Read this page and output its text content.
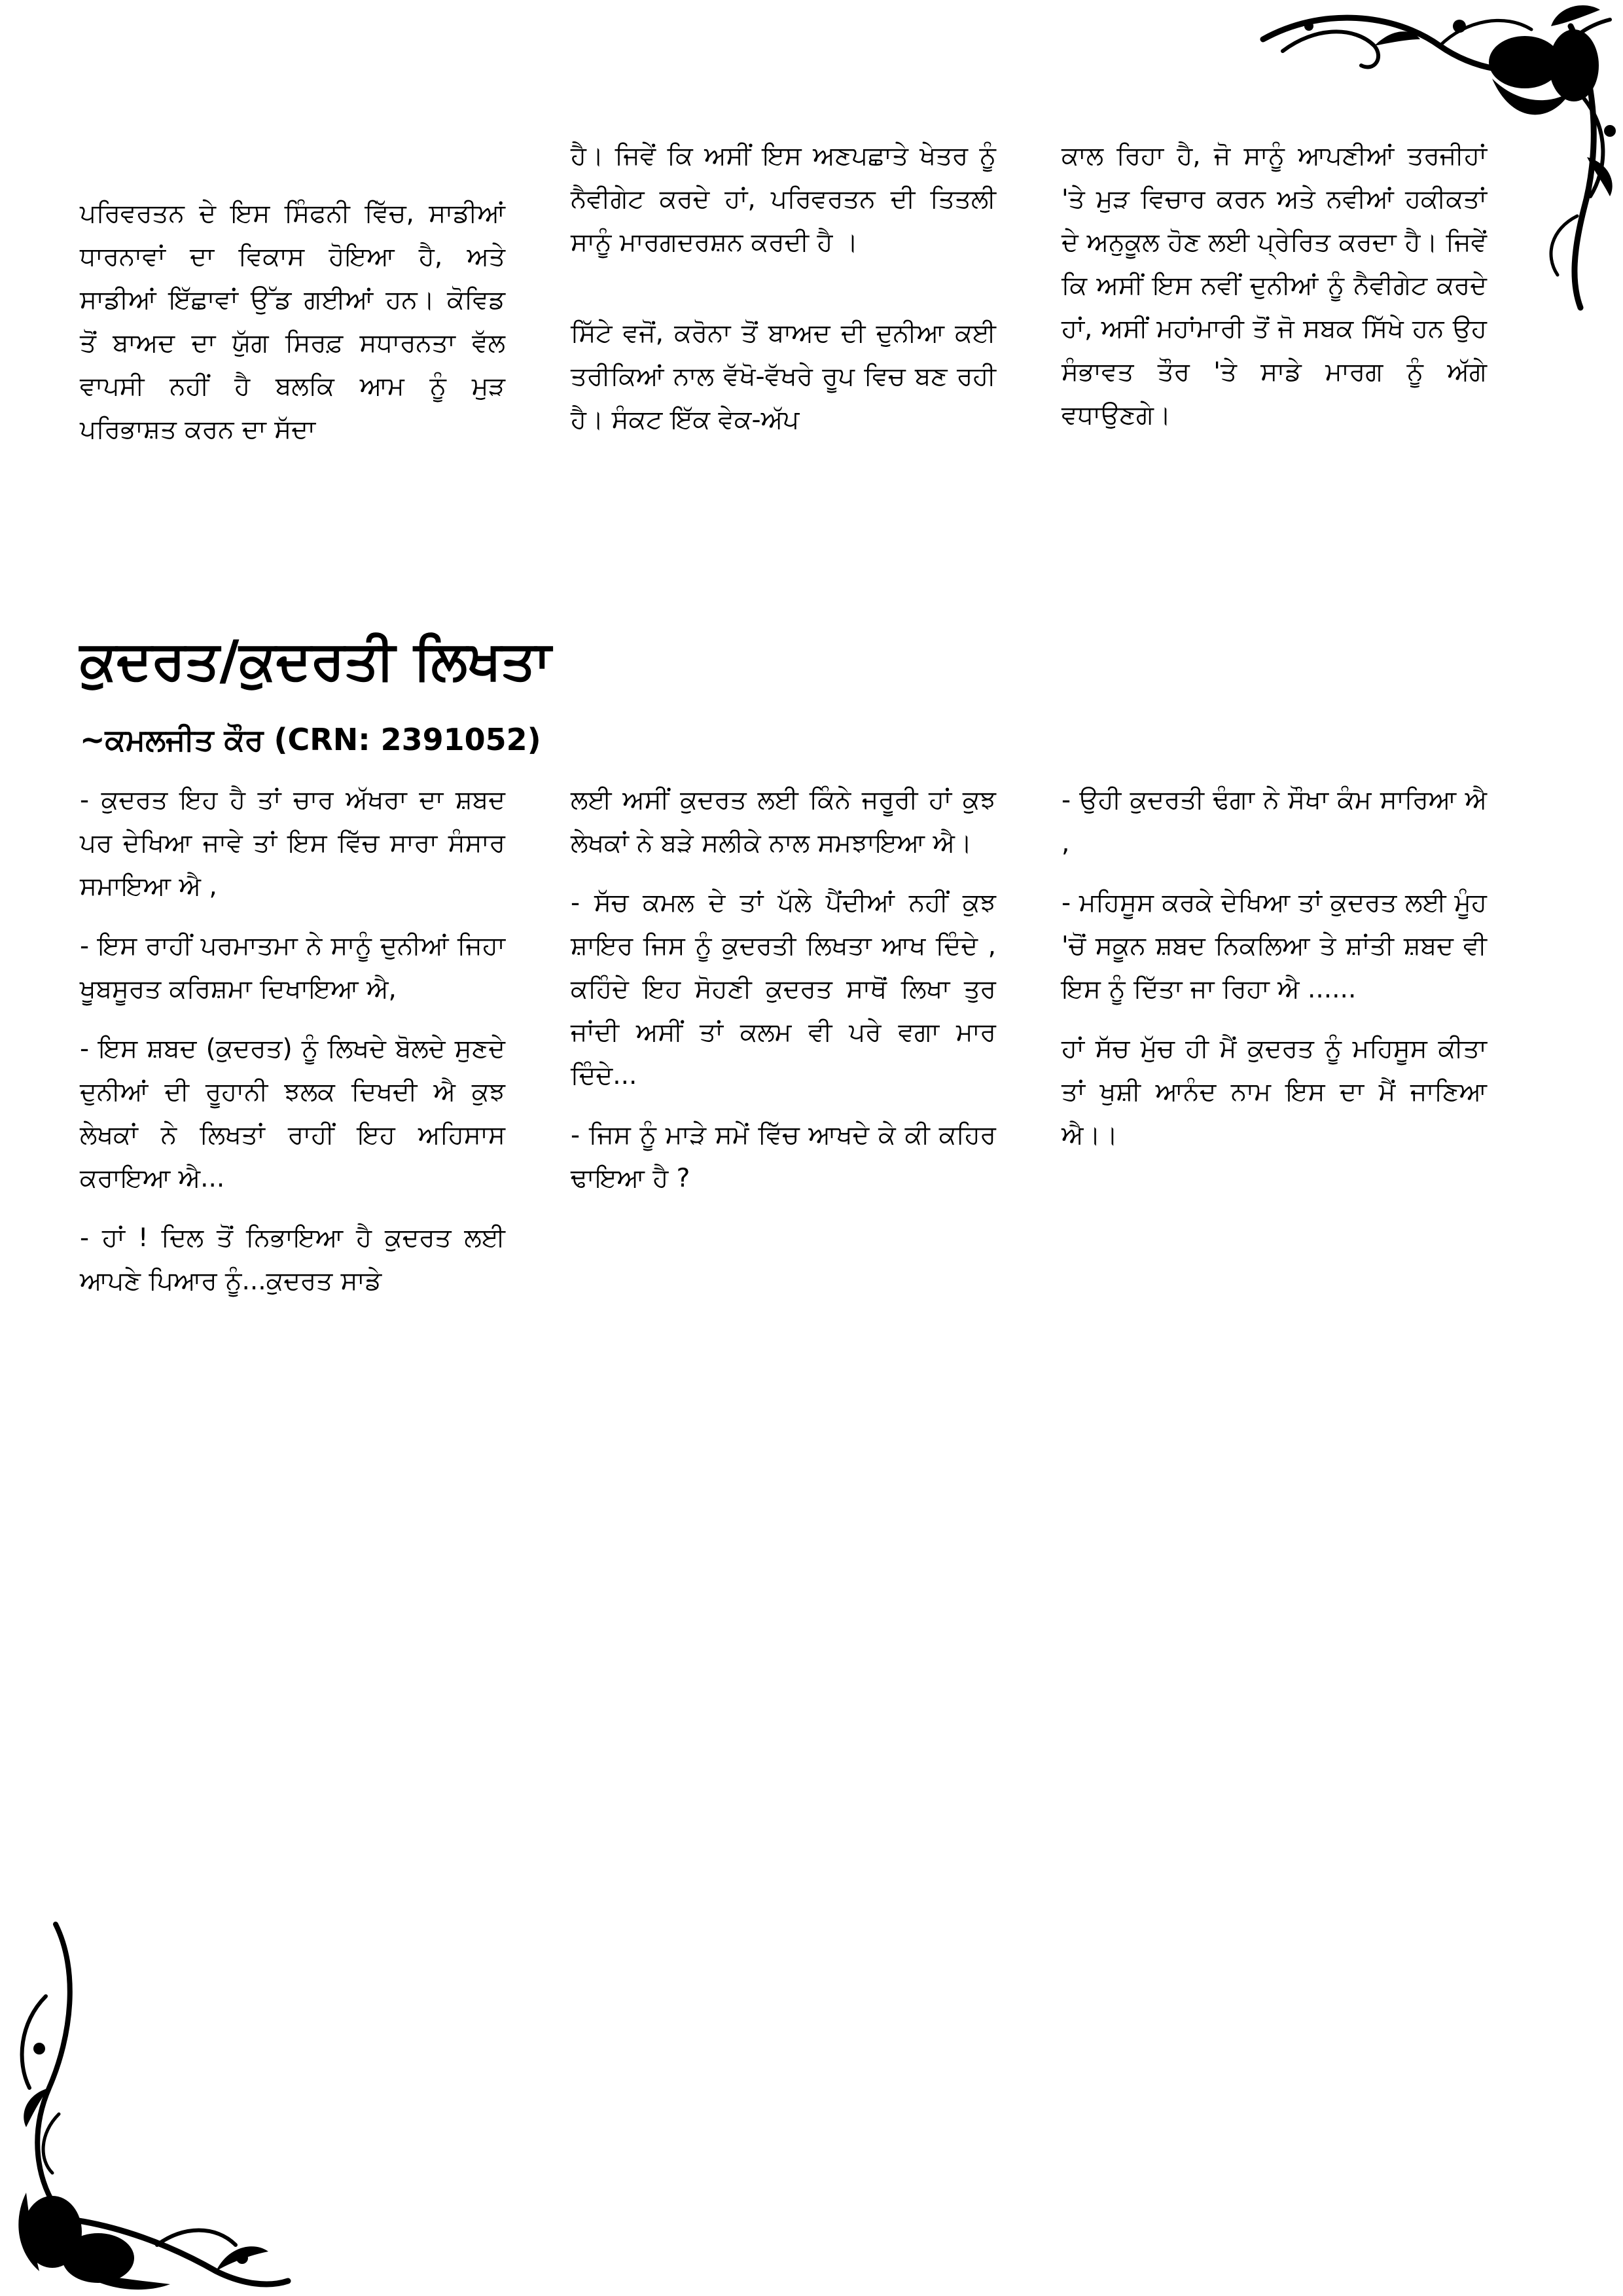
ਪਰਿਵਰਤਨ ਦੇ ਇਸ ਸਿੰਫਨੀ ਵਿੱਚ, ਸਾਡੀਆਂ ਧਾਰਨਾਵਾਂ ਦਾ ਵਿਕਾਸ ਹੋਇਆ ਹੈ, ਅਤੇ ਸਾਡੀਆਂ ਇੱਛਾਵਾਂ ਉੱਡ ਗਈਆਂ ਹਨ। ਕੋਵਿਡ ਤੋਂ ਬਾਅਦ ਦਾ ਯੁੱਗ ਸਿਰਫ਼ ਸਧਾਰਨਤਾ ਵੱਲ ਵਾਪਸੀ ਨਹੀਂ ਹੈ ਬਲਕਿ ਆਮ ਨੂੰ ਮੁੜ ਪਰਿਭਾਸ਼ਤ ਕਰਨ ਦਾ ਸੱਦਾ

ਹੈ। ਜਿਵੇਂ ਕਿ ਅਸੀਂ ਇਸ ਅਣਪਛਾਤੇ ਖੇਤਰ ਨੂੰ ਨੈਵੀਗੇਟ ਕਰਦੇ ਹਾਂ, ਪਰਿਵਰਤਨ ਦੀ ਤਿਤਲੀ ਸਾਨੂੰ ਮਾਰਗਦਰਸ਼ਨ ਕਰਦੀ ਹੈ ।

ਸਿੱਟੇ ਵਜੋਂ, ਕਰੋਨਾ ਤੋਂ ਬਾਅਦ ਦੀ ਦੁਨੀਆ ਕਈ ਤਰੀਕਿਆਂ ਨਾਲ ਵੱਖੋ-ਵੱਖਰੇ ਰੂਪ ਵਿਚ ਬਣ ਰਹੀ ਹੈ। ਸੰਕਟ ਇੱਕ ਵੇਕ-ਅੱਪ

ਕਾਲ ਰਿਹਾ ਹੈ, ਜੋ ਸਾਨੂੰ ਆਪਣੀਆਂ ਤਰਜੀਹਾਂ 'ਤੇ ਮੁੜ ਵਿਚਾਰ ਕਰਨ ਅਤੇ ਨਵੀਆਂ ਹਕੀਕਤਾਂ ਦੇ ਅਨੁਕੂਲ ਹੋਣ ਲਈ ਪ੍ਰੇਰਿਤ ਕਰਦਾ ਹੈ। ਜਿਵੇਂ ਕਿ ਅਸੀਂ ਇਸ ਨਵੀਂ ਦੁਨੀਆਂ ਨੂੰ ਨੈਵੀਗੇਟ ਕਰਦੇ ਹਾਂ, ਅਸੀਂ ਮਹਾਂਮਾਰੀ ਤੋਂ ਜੋ ਸਬਕ ਸਿੱਖੇ ਹਨ ਉਹ ਸੰਭਾਵਤ ਤੌਰ 'ਤੇ ਸਾਡੇ ਮਾਰਗ ਨੂੰ ਅੱਗੇ ਵਧਾਉਣਗੇ।

ਕੁਦਰਤ/ਕੁਦਰਤੀ ਲਿਖਤਾ

~ਕਮਲਜੀਤ ਕੌਰ (CRN: 2391052)

- ਕੁਦਰਤ ਇਹ ਹੈ ਤਾਂ ਚਾਰ ਅੱਖਰਾ ਦਾ ਸ਼ਬਦ ਪਰ ਦੇਖਿਆ ਜਾਵੇ ਤਾਂ ਇਸ ਵਿੱਚ ਸਾਰਾ ਸੰਸਾਰ ਸਮਾਇਆ ਐ ,

- ਇਸ ਰਾਹੀਂ ਪਰਮਾਤਮਾ ਨੇ ਸਾਨੂੰ ਦੁਨੀਆਂ ਜਿਹਾ ਖੂਬਸੂਰਤ ਕਰਿਸ਼ਮਾ ਦਿਖਾਇਆ ਐ,

- ਇਸ ਸ਼ਬਦ (ਕੁਦਰਤ) ਨੂੰ ਲਿਖਦੇ ਬੋਲਦੇ ਸੁਣਦੇ ਦੁਨੀਆਂ ਦੀ ਰੂਹਾਨੀ ਝਲਕ ਦਿਖਦੀ ਐ ਕੁਝ ਲੇਖਕਾਂ ਨੇ ਲਿਖਤਾਂ ਰਾਹੀਂ ਇਹ ਅਹਿਸਾਸ ਕਰਾਇਆ ਐ...

- ਹਾਂ ! ਦਿਲ ਤੋਂ ਨਿਭਾਇਆ ਹੈ ਕੁਦਰਤ ਲਈ ਆਪਣੇ ਪਿਆਰ ਨੂੰ...ਕੁਦਰਤ ਸਾਡੇ

ਲਈ ਅਸੀਂ ਕੁਦਰਤ ਲਈ ਕਿੰਨੇ ਜਰੂਰੀ ਹਾਂ ਕੁਝ ਲੇਖਕਾਂ ਨੇ ਬੜੇ ਸਲੀਕੇ ਨਾਲ ਸਮਝਾਇਆ ਐ।

- ਸੱਚ ਕਮਲ ਦੇ ਤਾਂ ਪੱਲੇ ਪੈਂਦੀਆਂ ਨਹੀਂ ਕੁਝ ਸ਼ਾਇਰ ਜਿਸ ਨੂੰ ਕੁਦਰਤੀ ਲਿਖਤਾ ਆਖ ਦਿੰਦੇ , ਕਹਿੰਦੇ ਇਹ ਸੋਹਣੀ ਕੁਦਰਤ ਸਾਥੋਂ ਲਿਖਾ ਤੁਰ ਜਾਂਦੀ ਅਸੀਂ ਤਾਂ ਕਲਮ ਵੀ ਪਰੇ ਵਗਾ ਮਾਰ ਦਿੰਦੇ...

- ਜਿਸ ਨੂੰ ਮਾੜੇ ਸਮੇਂ ਵਿੱਚ ਆਖਦੇ ਕੇ ਕੀ ਕਹਿਰ ਢਾਇਆ ਹੈ ?

- ਉਹੀ ਕੁਦਰਤੀ ਢੰਗਾ ਨੇ ਸੌਖਾ ਕੰਮ ਸਾਰਿਆ ਐ ,

- ਮਹਿਸੂਸ ਕਰਕੇ ਦੇਖਿਆ ਤਾਂ ਕੁਦਰਤ ਲਈ ਮੂੰਹ 'ਚੋਂ ਸਕੂਨ ਸ਼ਬਦ ਨਿਕਲਿਆ ਤੇ ਸ਼ਾਂਤੀ ਸ਼ਬਦ ਵੀ ਇਸ ਨੂੰ ਦਿੱਤਾ ਜਾ ਰਿਹਾ ਐ ......

ਹਾਂ ਸੱਚ ਮੁੱਚ ਹੀ ਮੈਂ ਕੁਦਰਤ ਨੂੰ ਮਹਿਸੂਸ ਕੀਤਾ ਤਾਂ ਖੁਸ਼ੀ ਆਨੰਦ ਨਾਮ ਇਸ ਦਾ ਮੈਂ ਜਾਣਿਆ ਐ।।
